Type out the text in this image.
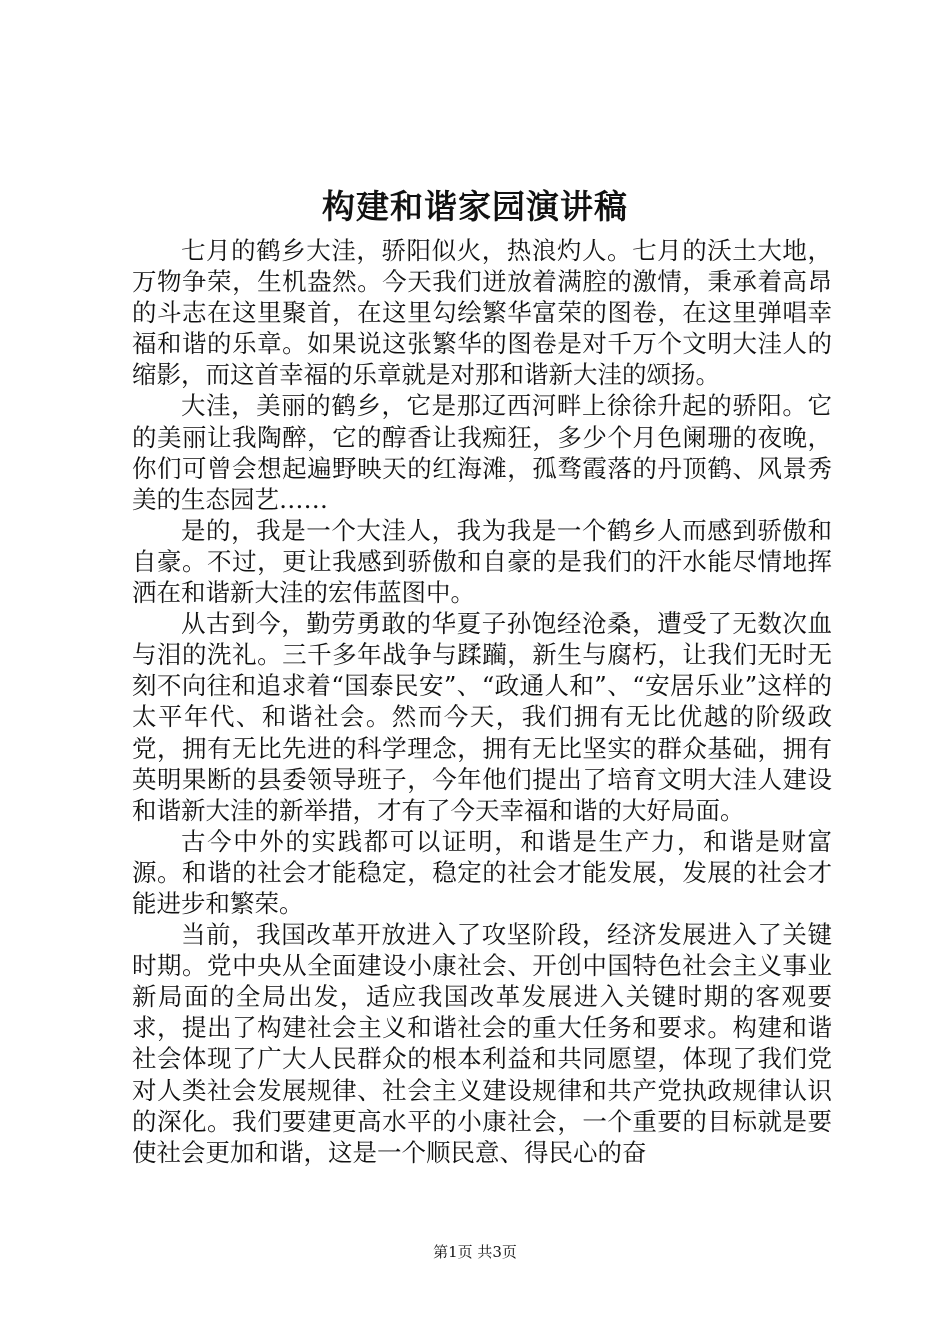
构建和谐家园演讲稿

七月的鹤乡大洼，骄阳似火，热浪灼人。七月的沃土大地，万物争荣，生机盎然。今天我们迸放着满腔的激情，秉承着高昂的斗志在这里聚首，在这里勾绘繁华富荣的图卷，在这里弹唱幸福和谐的乐章。如果说这张繁华的图卷是对千万个文明大洼人的缩影，而这首幸福的乐章就是对那和谐新大洼的颂扬。

大洼，美丽的鹤乡，它是那辽西河畔上徐徐升起的骄阳。它的美丽让我陶醉，它的醇香让我痴狂，多少个月色阑珊的夜晚，你们可曾会想起遍野映天的红海滩，孤骛霞落的丹顶鹤、风景秀美的生态园艺……

是的，我是一个大洼人，我为我是一个鹤乡人而感到骄傲和自豪。不过，更让我感到骄傲和自豪的是我们的汗水能尽情地挥洒在和谐新大洼的宏伟蓝图中。

从古到今，勤劳勇敢的华夏子孙饱经沧桑，遭受了无数次血与泪的洗礼。三千多年战争与蹂躏，新生与腐朽，让我们无时无刻不向往和追求着“国泰民安”、“政通人和”、“安居乐业”这样的太平年代、和谐社会。然而今天，我们拥有无比优越的阶级政党，拥有无比先进的科学理念，拥有无比坚实的群众基础，拥有英明果断的县委领导班子，今年他们提出了培育文明大洼人建设和谐新大洼的新举措，才有了今天幸福和谐的大好局面。

古今中外的实践都可以证明，和谐是生产力，和谐是财富源。和谐的社会才能稳定，稳定的社会才能发展，发展的社会才能进步和繁荣。

当前，我国改革开放进入了攻坚阶段，经济发展进入了关键时期。党中央从全面建设小康社会、开创中国特色社会主义事业新局面的全局出发，适应我国改革发展进入关键时期的客观要求，提出了构建社会主义和谐社会的重大任务和要求。构建和谐社会体现了广大人民群众的根本利益和共同愿望，体现了我们党对人类社会发展规律、社会主义建设规律和共产党执政规律认识的深化。我们要建更高水平的小康社会，一个重要的目标就是要使社会更加和谐，这是一个顺民意、得民心的奋

第1页 共3页
